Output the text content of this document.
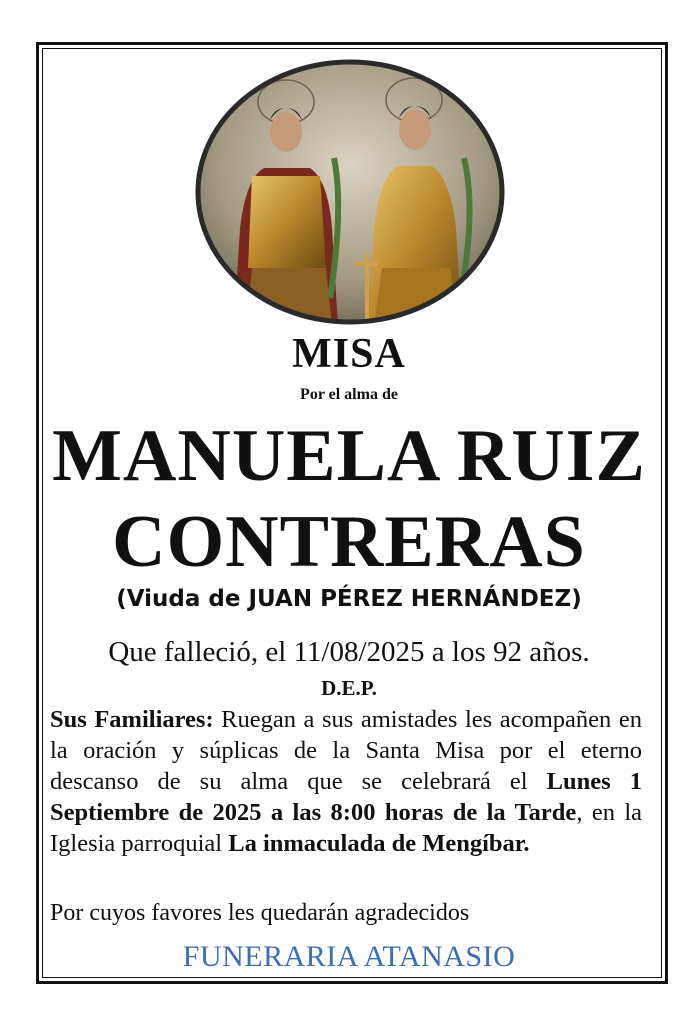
MISA
Por el alma de
MANUELA RUIZ
CONTRERAS
(Viuda de JUAN PÉREZ HERNÁNDEZ)
Que falleció, el 11/08/2025 a los 92 años.
D.E.P.
Sus Familiares: Ruegan a sus amistades les acompañen en la oración y súplicas de la Santa Misa por el eterno descanso de su alma que se celebrará el Lunes 1 Septiembre de 2025 a las 8:00 horas de la Tarde, en la Iglesia parroquial La inmaculada de Mengíbar.
Por cuyos favores les quedarán agradecidos
FUNERARIA ATANASIO
